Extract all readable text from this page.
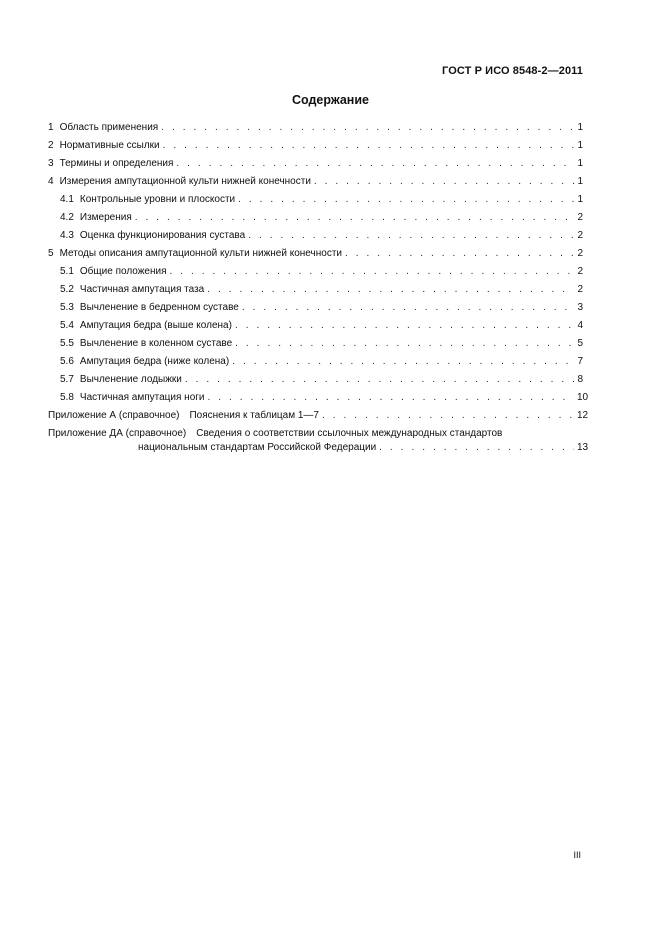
ГОСТ Р ИСО 8548-2—2011
Содержание
1 Область применения . . .	1
2 Нормативные ссылки . . .	1
3 Термины и определения . . .	1
4 Измерения ампутационной культи нижней конечности . . .	1
4.1 Контрольные уровни и плоскости . . .	1
4.2 Измерения . . .	2
4.3 Оценка функционирования сустава . . .	2
5 Методы описания ампутационной культи нижней конечности . . .	2
5.1 Общие положения . . .	2
5.2 Частичная ампутация таза . . .	2
5.3 Вычленение в бедренном суставе . . .	3
5.4 Ампутация бедра (выше колена) . . .	4
5.5 Вычленение в коленном суставе . . .	5
5.6 Ампутация бедра (ниже колена) . . .	7
5.7 Вычленение лодыжки . . .	8
5.8 Частичная ампутация ноги . . .	10
Приложение А (справочное) Пояснения к таблицам 1—7 . . .	12
Приложение ДА (справочное) Сведения о соответствии ссылочных международных стандартов
национальным стандартам Российской Федерации . . .	13
III
